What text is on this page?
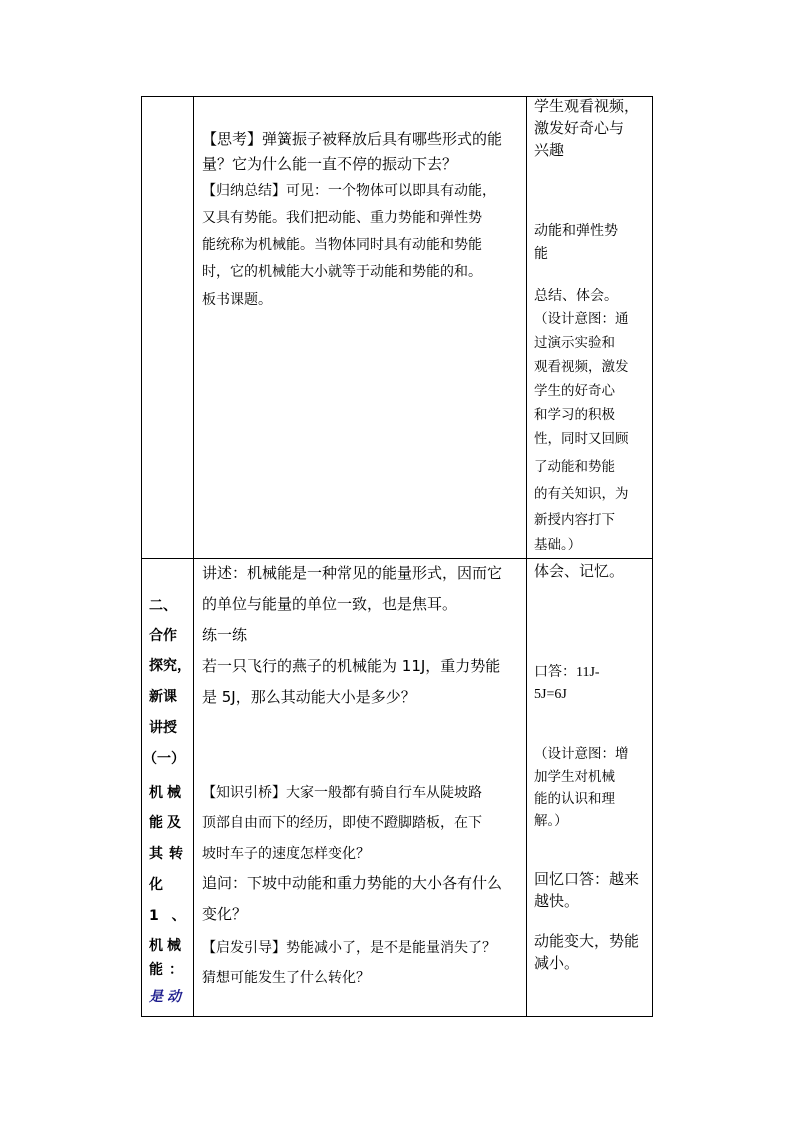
【思考】弹簧振子被释放后具有哪些形式的能
量？它为什么能一直不停的振动下去？
【归纳总结】可见：一个物体可以即具有动能，
又具有势能。我们把动能、重力势能和弹性势
能统称为机械能。当物体同时具有动能和势能
时，它的机械能大小就等于动能和势能的和。
板书课题。
学生观看视频，
激发好奇心与
兴趣
动能和弹性势
能
总结、体会。
（设计意图：通
过演示实验和
观看视频，激发
学生的好奇心
和学习的积极
性，同时又回顾
了动能和势能
的有关知识，为
新授内容打下
基础。）
二、
合作
探究，
新课
讲授
（一）
机械
能及
其转
化
1 、
机械
能：
是动
讲述：机械能是一种常见的能量形式，因而它
的单位与能量的单位一致，也是焦耳。
练一练
若一只飞行的燕子的机械能为 11J，重力势能
是 5J，那么其动能大小是多少？
【知识引桥】大家一般都有骑自行车从陡坡路
顶部自由而下的经历，即使不蹬脚踏板，在下
坡时车子的速度怎样变化？
追问：下坡中动能和重力势能的大小各有什么
变化？
【启发引导】势能减小了，是不是能量消失了？
猜想可能发生了什么转化？
体会、记忆。
口答：11J-
5J=6J
（设计意图：增
加学生对机械
能的认识和理
解。）
回忆口答：越来
越快。
动能变大，势能
减小。
